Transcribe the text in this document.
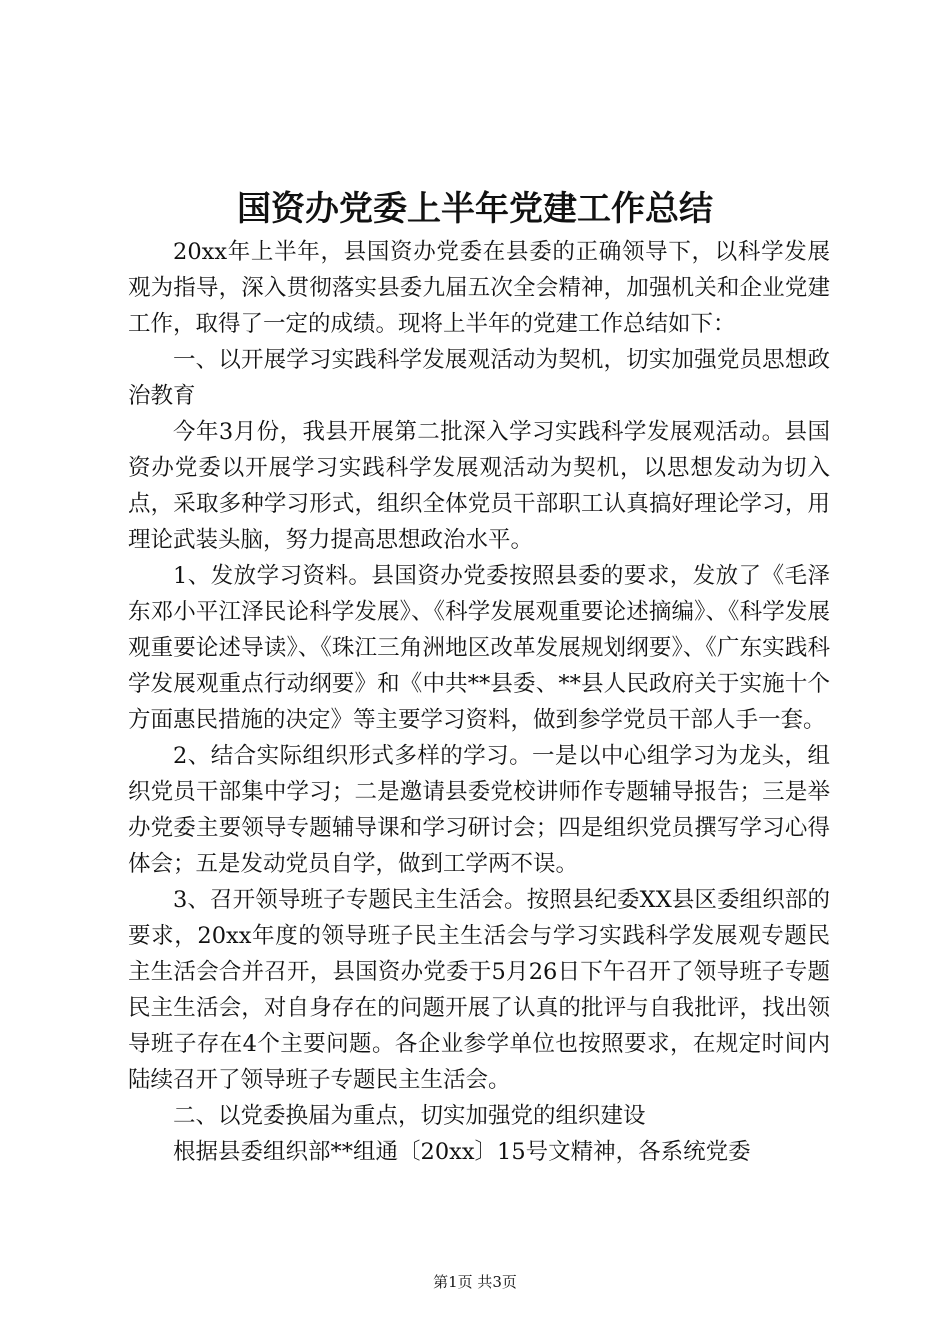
国资办党委上半年党建工作总结

20xx年上半年，县国资办党委在县委的正确领导下，以科学发展观为指导，深入贯彻落实县委九届五次全会精神，加强机关和企业党建工作，取得了一定的成绩。现将上半年的党建工作总结如下：

一、以开展学习实践科学发展观活动为契机，切实加强党员思想政治教育

今年3月份，我县开展第二批深入学习实践科学发展观活动。县国资办党委以开展学习实践科学发展观活动为契机，以思想发动为切入点，采取多种学习形式，组织全体党员干部职工认真搞好理论学习，用理论武装头脑，努力提高思想政治水平。

1、发放学习资料。县国资办党委按照县委的要求，发放了《毛泽东邓小平江泽民论科学发展》、《科学发展观重要论述摘编》、《科学发展观重要论述导读》、《珠江三角洲地区改革发展规划纲要》、《广东实践科学发展观重点行动纲要》和《中共**县委、**县人民政府关于实施十个方面惠民措施的决定》等主要学习资料，做到参学党员干部人手一套。

2、结合实际组织形式多样的学习。一是以中心组学习为龙头，组织党员干部集中学习；二是邀请县委党校讲师作专题辅导报告；三是举办党委主要领导专题辅导课和学习研讨会；四是组织党员撰写学习心得体会；五是发动党员自学，做到工学两不误。

3、召开领导班子专题民主生活会。按照县纪委XX县区委组织部的要求，20xx年度的领导班子民主生活会与学习实践科学发展观专题民主生活会合并召开，县国资办党委于5月26日下午召开了领导班子专题民主生活会，对自身存在的问题开展了认真的批评与自我批评，找出领导班子存在4个主要问题。各企业参学单位也按照要求，在规定时间内陆续召开了领导班子专题民主生活会。

二、以党委换届为重点，切实加强党的组织建设

根据县委组织部**组通〔20xx〕15号文精神，各系统党委

第1页 共3页
